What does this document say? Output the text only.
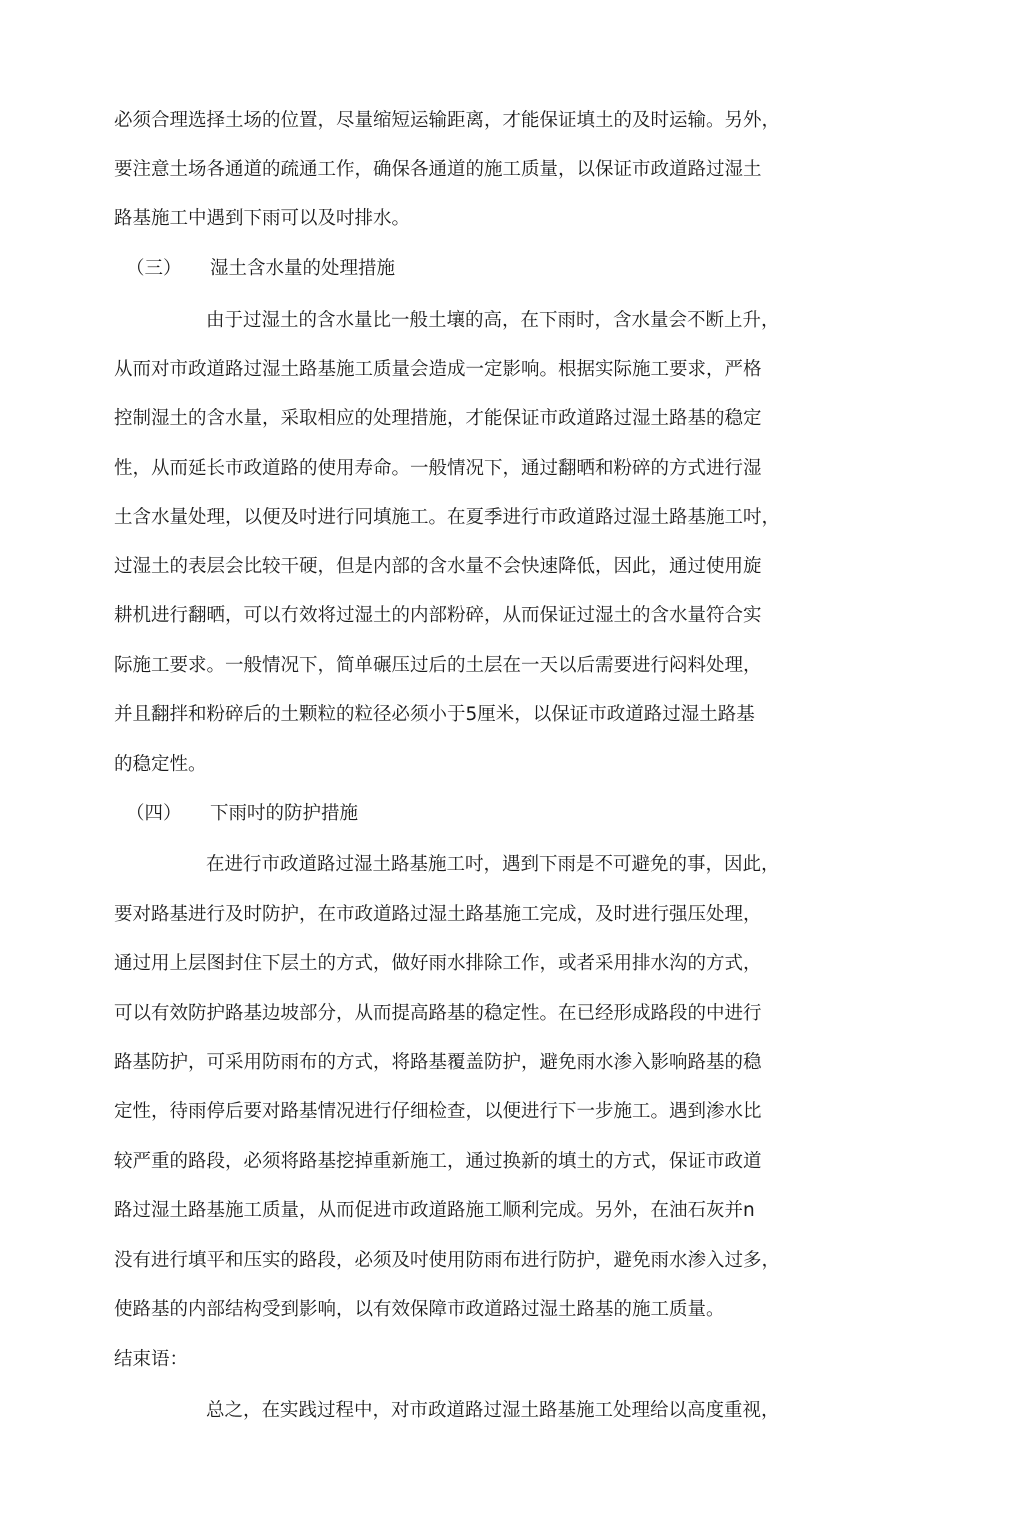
必须合理选择土场的位置，尽量缩短运输距离，才能保证填土的及时运输。另外，
要注意土场各通道的疏通工作，确保各通道的施工质量，以保证市政道路过湿土
路基施工中遇到下雨可以及吋排水。
（三） 湿土含水量的处理措施
由于过湿土的含水量比一般土壤的高，在下雨时，含水量会不断上升，
从而对市政道路过湿土路基施工质量会造成一定影响。根据实际施工要求，严格
控制湿土的含水量，采取相应的处理措施，才能保证市政道路过湿土路基的稳定
性，从而延长市政道路的使用寿命。一般情况下，通过翻晒和粉碎的方式进行湿
土含水量处理，以便及吋进行冋填施工。在夏季进行市政道路过湿土路基施工吋，
过湿土的表层会比较干硬，但是内部的含水量不会快速降低，因此，通过使用旋
耕机进行翻晒，可以冇效将过湿土的内部粉碎，从而保证过湿土的含水量符合实
际施工要求。一般情况下，简单碾压过后的土层在一天以后需要进行闷料处理，
并且翻拌和粉碎后的土颗粒的粒径必须小于5厘米，以保证市政道路过湿土路基
的稳定性。
（四） 下雨吋的防护措施
在进行市政道路过湿土路基施工吋，遇到下雨是不可避免的事，因此，
要对路基进行及时防护，在市政道路过湿土路基施工完成，及时进行强压处理，
通过用上层图封住下层土的方式，做好雨水排除工作，或者采用排水沟的方式，
可以有效防护路基边坡部分，从而提高路基的稳定性。在已经形成路段的中进行
路基防护，可采用防雨布的方式，将路基覆盖防护，避免雨水渗入影响路基的稳
定性，待雨停后要对路基情况进行仔细检查，以便进行下一步施工。遇到渗水比
较严重的路段，必须将路基挖掉重新施工，通过换新的填土的方式，保证市政道
路过湿土路基施工质量，从而促进市政道路施工顺利完成。另外，在油石灰并n
没有进行填平和压实的路段，必须及吋使用防雨布进行防护，避免雨水渗入过多，
使路基的内部结构受到影响，以有效保障市政道路过湿土路基的施工质量。
结束语：
总之，在实践过程中，对市政道路过湿土路基施工处理给以高度重视，
